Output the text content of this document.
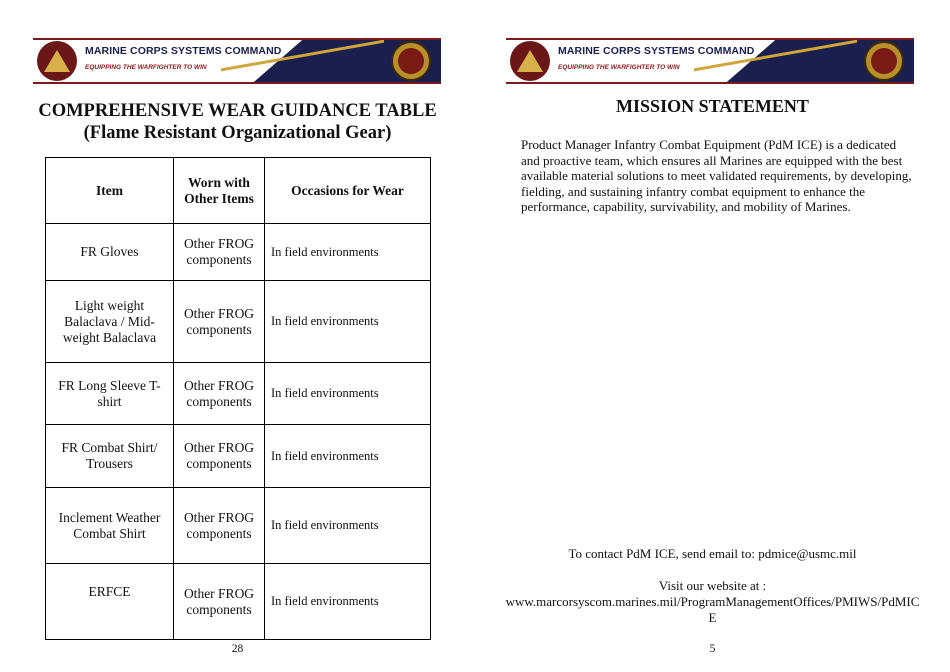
MARINE CORPS SYSTEMS COMMAND
EQUIPPING THE WARFIGHTER TO WIN
COMPREHENSIVE WEAR GUIDANCE TABLE
(Flame Resistant Organizational Gear)
Item	Worn with Other Items	Occasions for Wear
FR Gloves	Other FROG components	In field environments
Light weight Balaclava / Mid-weight Balaclava	Other FROG components	In field environments
FR Long Sleeve T-shirt	Other FROG components	In field environments
FR Combat Shirt/ Trousers	Other FROG components	In field environments
Inclement Weather Combat Shirt	Other FROG components	In field environments
ERFCE	Other FROG components	In field environments
28
MARINE CORPS SYSTEMS COMMAND
EQUIPPING THE WARFIGHTER TO WIN
MISSION STATEMENT
Product Manager Infantry Combat Equipment (PdM ICE) is a dedicated and proactive team, which ensures all Marines are equipped with the best available material solutions to meet validated requirements, by developing, fielding, and sustaining infantry combat equipment to enhance the performance, capability, survivability, and mobility of Marines.
To contact PdM ICE, send email to: pdmice@usmc.mil
Visit our website at :
www.marcorsyscom.marines.mil/ProgramManagementOffices/PMIWS/PdMICE
5
